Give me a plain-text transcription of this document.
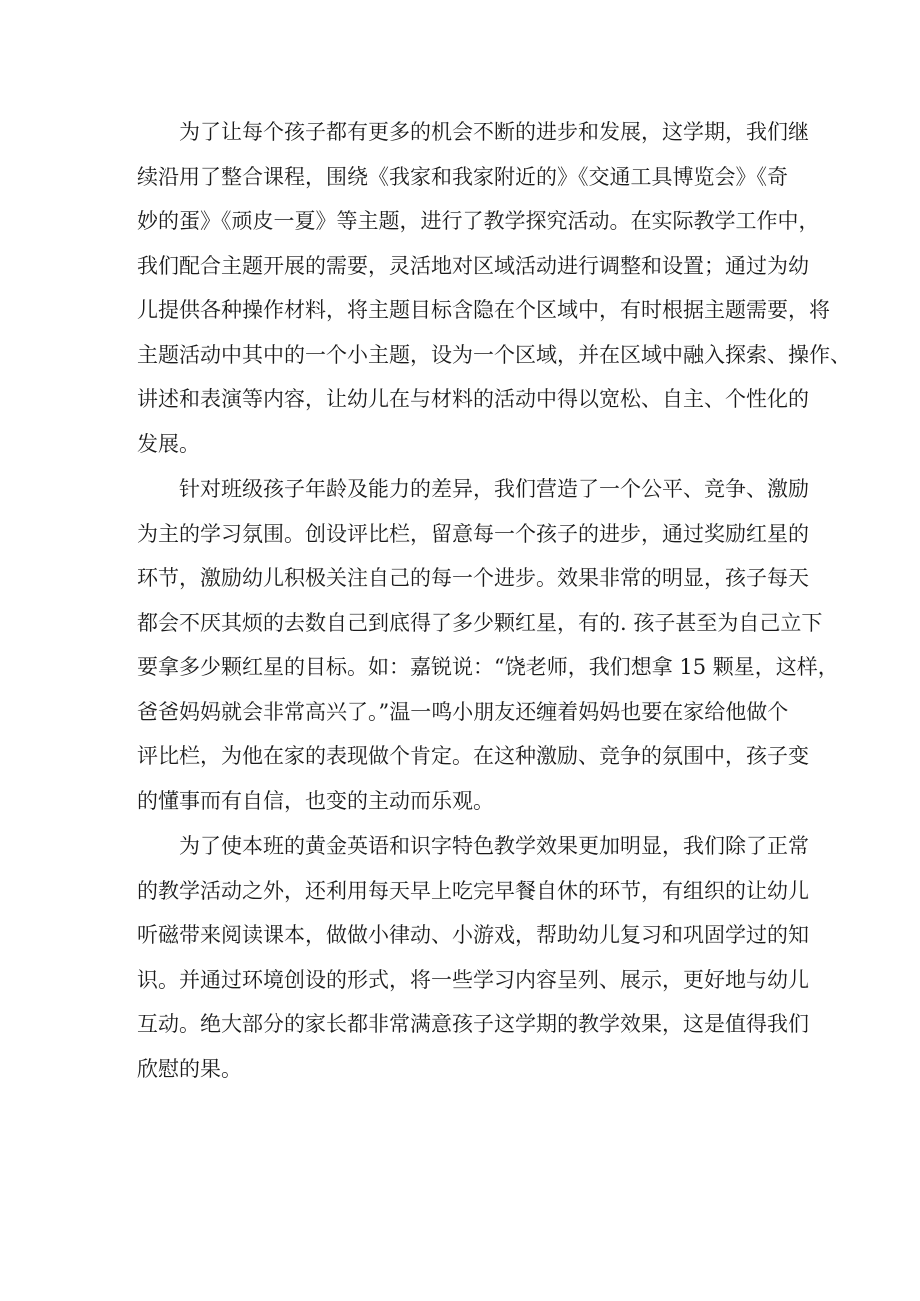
为了让每个孩子都有更多的机会不断的进步和发展，这学期，我们继
续沿用了整合课程，围绕《我家和我家附近的》《交通工具博览会》《奇
妙的蛋》《顽皮一夏》等主题，进行了教学探究活动。在实际教学工作中，
我们配合主题开展的需要，灵活地对区域活动进行调整和设置；通过为幼
儿提供各种操作材料，将主题目标含隐在个区域中，有时根据主题需要，将
主题活动中其中的一个小主题，设为一个区域，并在区域中融入探索、操作、
讲述和表演等内容，让幼儿在与材料的活动中得以宽松、自主、个性化的
发展。
针对班级孩子年龄及能力的差异，我们营造了一个公平、竞争、激励
为主的学习氛围。创设评比栏，留意每一个孩子的进步，通过奖励红星的
环节，激励幼儿积极关注自己的每一个进步。效果非常的明显，孩子每天
都会不厌其烦的去数自己到底得了多少颗红星，有的. 孩子甚至为自己立下
要拿多少颗红星的目标。如：嘉锐说：“饶老师，我们想拿 15 颗星，这样，
爸爸妈妈就会非常高兴了。”温一鸣小朋友还缠着妈妈也要在家给他做个
评比栏，为他在家的表现做个肯定。在这种激励、竞争的氛围中，孩子变
的懂事而有自信，也变的主动而乐观。
为了使本班的黄金英语和识字特色教学效果更加明显，我们除了正常
的教学活动之外，还利用每天早上吃完早餐自休的环节，有组织的让幼儿
听磁带来阅读课本，做做小律动、小游戏，帮助幼儿复习和巩固学过的知
识。并通过环境创设的形式，将一些学习内容呈列、展示，更好地与幼儿
互动。绝大部分的家长都非常满意孩子这学期的教学效果，这是值得我们
欣慰的果。
